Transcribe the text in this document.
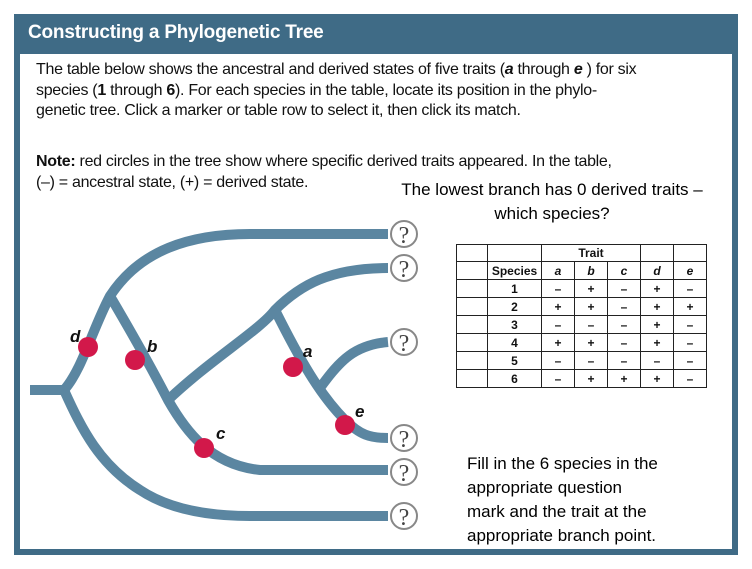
Constructing a Phylogenetic Tree
The table below shows the ancestral and derived states of five traits (a through e ) for six
species (1 through 6). For each species in the table, locate its position in the phylo-
genetic tree. Click a marker or table row to select it, then click its match.
Note: red circles in the tree show where specific derived traits appeared. In the table,
(–) = ancestral state, (+) = derived state.	The lowest branch has 0 derived traits –
which species?
?
?
?
?
?
?
d
b	a
e
c
		Trait				
	Species	a	b	c	d	e
	1	–	+	–	+	–
	2	+	+	–	+	+
	3	–	–	–	+	–
	4	+	+	–	+	–
	5	–	–	–	–	–
	6	–	+	+	+	–
Fill in the 6 species in the
appropriate question
mark and the trait at the
appropriate branch point.
